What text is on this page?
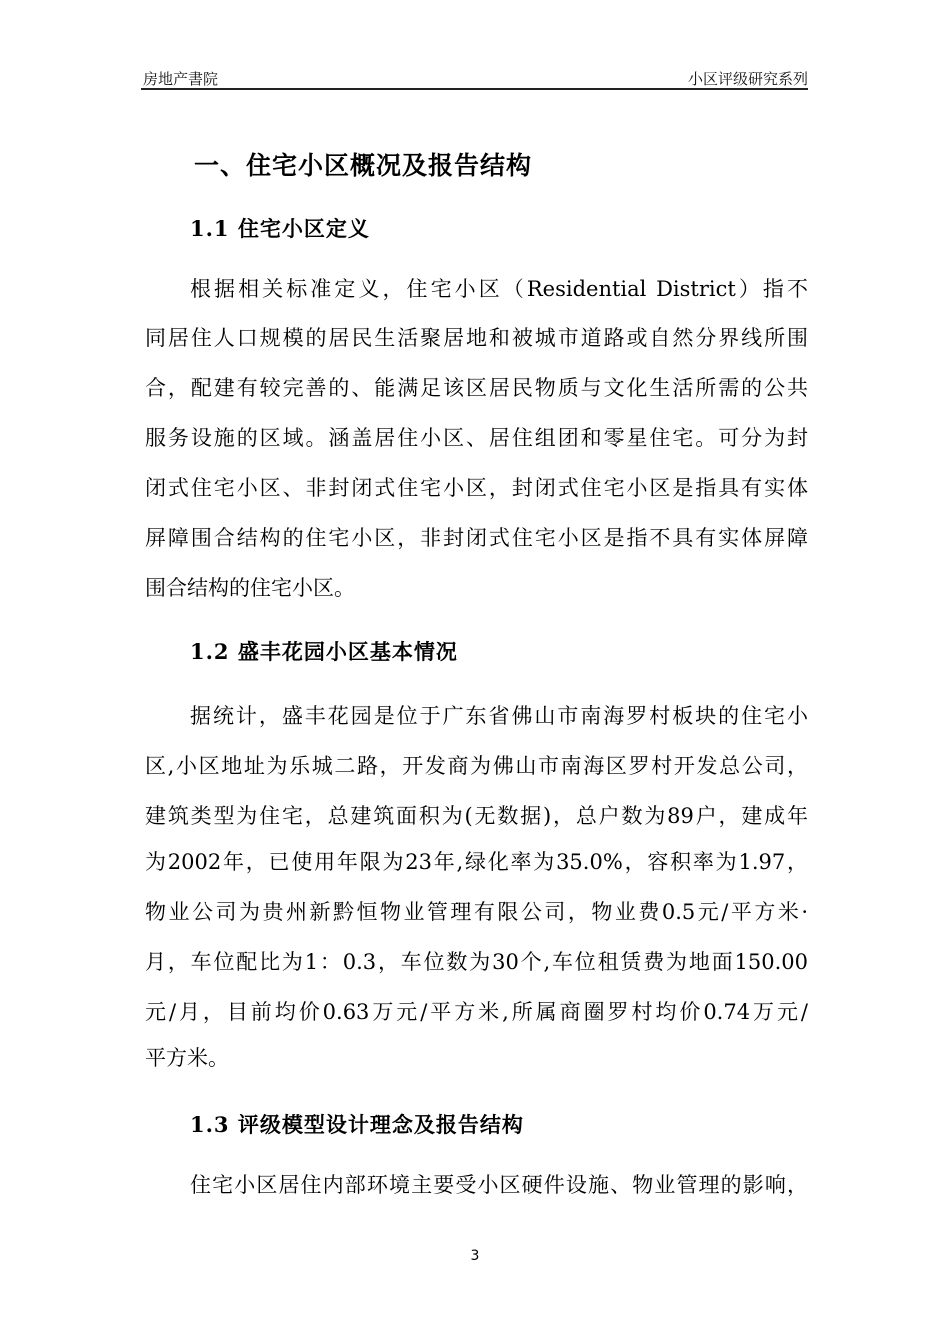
房地产書院	小区评级研究系列
一、住宅小区概况及报告结构
1.1 住宅小区定义
根据相关标准定义，住宅小区（Residential District）指不
同居住人口规模的居民生活聚居地和被城市道路或自然分界线所围
合，配建有较完善的、能满足该区居民物质与文化生活所需的公共
服务设施的区域。涵盖居住小区、居住组团和零星住宅。可分为封
闭式住宅小区、非封闭式住宅小区，封闭式住宅小区是指具有实体
屏障围合结构的住宅小区，非封闭式住宅小区是指不具有实体屏障
围合结构的住宅小区。
1.2 盛丰花园小区基本情况
据统计，盛丰花园是位于广东省佛山市南海罗村板块的住宅小
区,小区地址为乐城二路，开发商为佛山市南海区罗村开发总公司，
建筑类型为住宅，总建筑面积为(无数据)，总户数为89户，建成年
为2002年，已使用年限为23年,绿化率为35.0%，容积率为1.97，
物业公司为贵州新黔恒物业管理有限公司，物业费0.5元/平方米·
月，车位配比为1：0.3，车位数为30个,车位租赁费为地面150.00
元/月，目前均价0.63万元/平方米,所属商圈罗村均价0.74万元/
平方米。
1.3 评级模型设计理念及报告结构
住宅小区居住内部环境主要受小区硬件设施、物业管理的影响，
3
